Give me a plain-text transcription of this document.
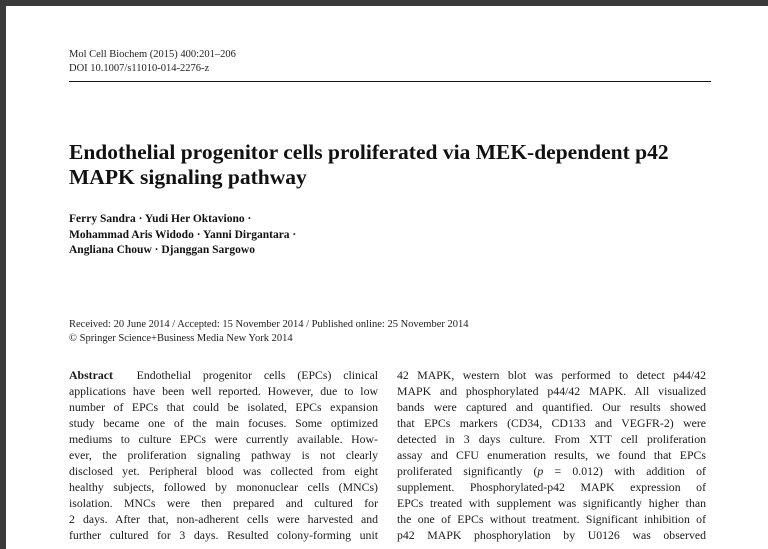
Mol Cell Biochem (2015) 400:201–206
DOI 10.1007/s11010-014-2276-z
Endothelial progenitor cells proliferated via MEK-dependent p42
MAPK signaling pathway
Ferry Sandra · Yudi Her Oktaviono ·
Mohammad Aris Widodo · Yanni Dirgantara ·
Angliana Chouw · Djanggan Sargowo
Received: 20 June 2014 / Accepted: 15 November 2014 / Published online: 25 November 2014
© Springer Science+Business Media New York 2014
Abstract Endothelial progenitor cells (EPCs) clinical
applications have been well reported. However, due to low
number of EPCs that could be isolated, EPCs expansion
study became one of the main focuses. Some optimized
mediums to culture EPCs were currently available. How-
ever, the proliferation signaling pathway is not clearly
disclosed yet. Peripheral blood was collected from eight
healthy subjects, followed by mononuclear cells (MNCs)
isolation. MNCs were then prepared and cultured for
2 days. After that, non-adherent cells were harvested and
further cultured for 3 days. Resulted colony-forming unit
42 MAPK, western blot was performed to detect p44/42
MAPK and phosphorylated p44/42 MAPK. All visualized
bands were captured and quantified. Our results showed
that EPCs markers (CD34, CD133 and VEGFR-2) were
detected in 3 days culture. From XTT cell proliferation
assay and CFU enumeration results, we found that EPCs
proliferated significantly (p = 0.012) with addition of
supplement. Phosphorylated-p42 MAPK expression of
EPCs treated with supplement was significantly higher than
the one of EPCs without treatment. Significant inhibition of
p42 MAPK phosphorylation by U0126 was observed
